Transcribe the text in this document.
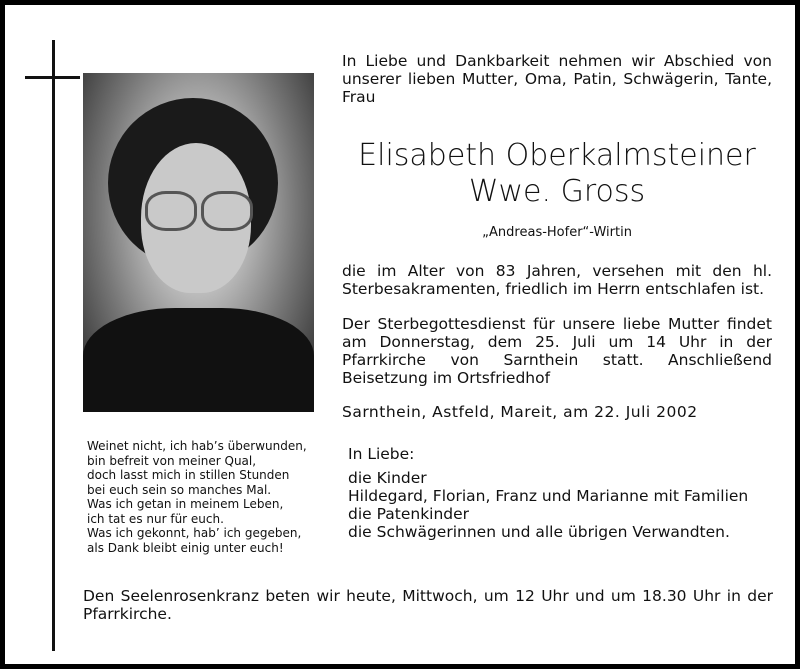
In Liebe und Dankbarkeit nehmen wir Abschied von unserer lieben Mutter, Oma, Patin, Schwägerin, Tante, Frau
Elisabeth Oberkalmsteiner
Wwe. Gross
„Andreas-Hofer“-Wirtin
die im Alter von 83 Jahren, versehen mit den hl. Sterbesakramenten, friedlich im Herrn entschlafen ist.
Der Sterbegottesdienst für unsere liebe Mutter findet am Donnerstag, dem 25. Juli um 14 Uhr in der Pfarrkirche von Sarnthein statt. Anschließend Beisetzung im Ortsfriedhof
Sarnthein, Astfeld, Mareit, am 22. Juli 2002
In Liebe:
die Kinder
Hildegard, Florian, Franz und Marianne mit Familien
die Patenkinder
die Schwägerinnen und alle übrigen Verwandten.
Weinet nicht, ich hab’s überwunden,
bin befreit von meiner Qual,
doch lasst mich in stillen Stunden
bei euch sein so manches Mal.
Was ich getan in meinem Leben,
ich tat es nur für euch.
Was ich gekonnt, hab’ ich gegeben,
als Dank bleibt einig unter euch!
Den Seelenrosenkranz beten wir heute, Mittwoch, um 12 Uhr und um 18.30 Uhr in der Pfarrkirche.
